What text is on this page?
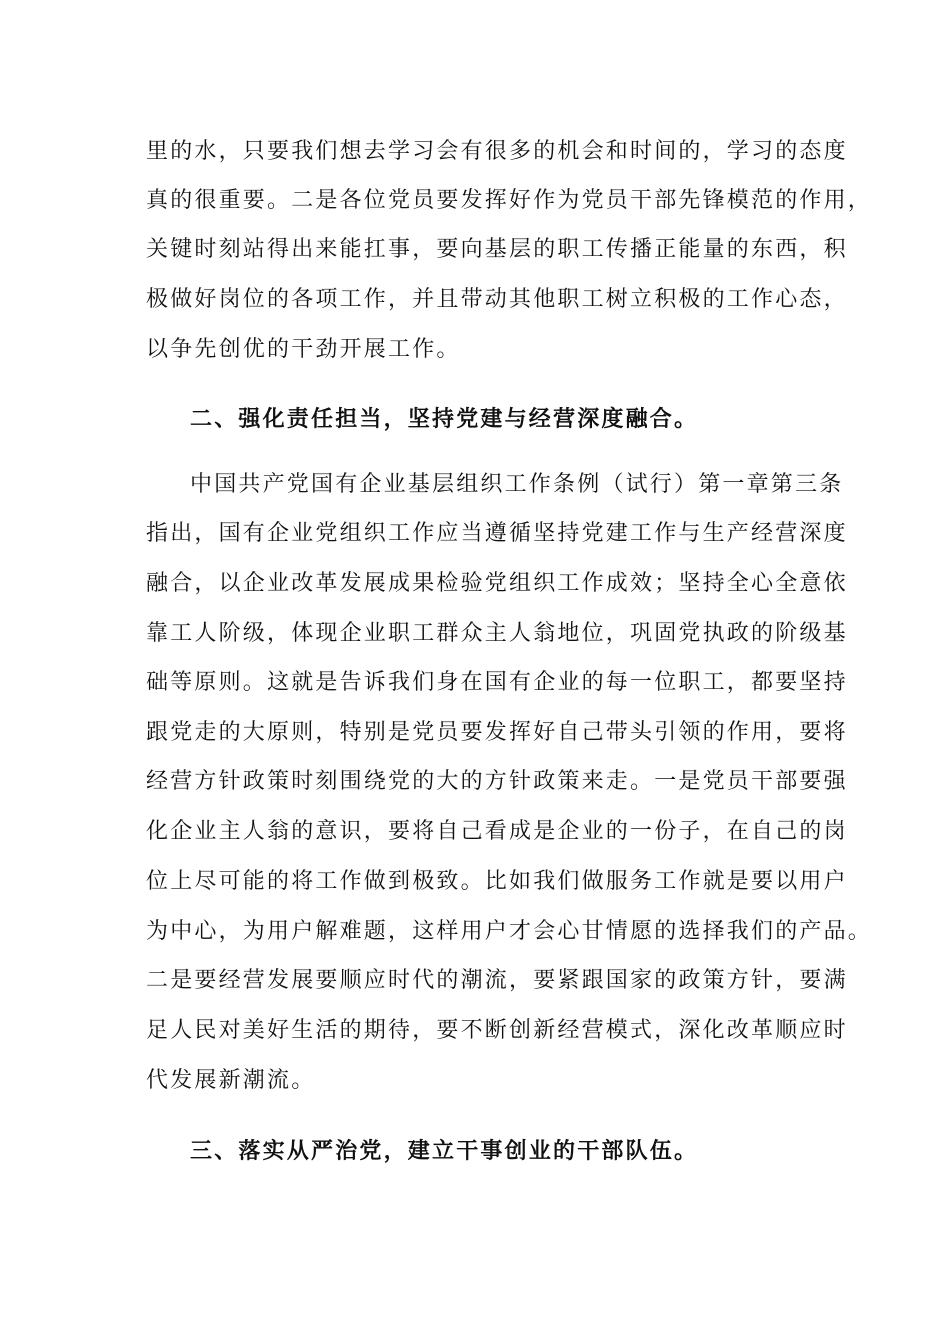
里的水，只要我们想去学习会有很多的机会和时间的，学习的态度
真的很重要。二是各位党员要发挥好作为党员干部先锋模范的作用，
关键时刻站得出来能扛事，要向基层的职工传播正能量的东西，积
极做好岗位的各项工作，并且带动其他职工树立积极的工作心态，
以争先创优的干劲开展工作。
二、强化责任担当，坚持党建与经营深度融合。
中国共产党国有企业基层组织工作条例（试行）第一章第三条
指出，国有企业党组织工作应当遵循坚持党建工作与生产经营深度
融合，以企业改革发展成果检验党组织工作成效；坚持全心全意依
靠工人阶级，体现企业职工群众主人翁地位，巩固党执政的阶级基
础等原则。这就是告诉我们身在国有企业的每一位职工，都要坚持
跟党走的大原则，特别是党员要发挥好自己带头引领的作用，要将
经营方针政策时刻围绕党的大的方针政策来走。一是党员干部要强
化企业主人翁的意识，要将自己看成是企业的一份子，在自己的岗
位上尽可能的将工作做到极致。比如我们做服务工作就是要以用户
为中心，为用户解难题，这样用户才会心甘情愿的选择我们的产品。
二是要经营发展要顺应时代的潮流，要紧跟国家的政策方针，要满
足人民对美好生活的期待，要不断创新经营模式，深化改革顺应时
代发展新潮流。
三、落实从严治党，建立干事创业的干部队伍。
